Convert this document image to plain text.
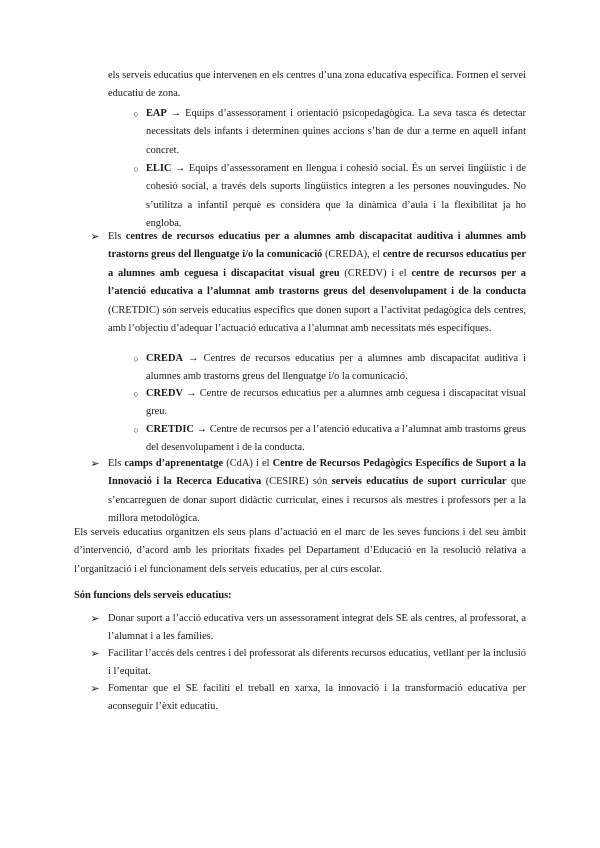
els serveis educatius que intervenen en els centres d’una zona educativa específica. Formen el servei educatiu de zona.
○ EAP → Equips d’assessorament i orientació psicopedagògica. La seva tasca és detectar necessitats dels infants i determinen quines accions s’han de dur a terme en aquell infant concret.
○ ELIC → Equips d’assessorament en llengua i cohesió social. És un servei lingüístic i de cohesió social, a través dels suports lingüístics integren a les persones nouvingudes. No s’utilitza a infantil perquè es considera que la dinàmica d’aula i la flexibilitat ja ho engloba.
➢ Els centres de recursos educatius per a alumnes amb discapacitat auditiva i alumnes amb trastorns greus del llenguatge i/o la comunicació (CREDA), el centre de recursos educatius per a alumnes amb ceguesa i discapacitat visual greu (CREDV) i el centre de recursos per a l’atenció educativa a l’alumnat amb trastorns greus del desenvolupament i de la conducta (CRETDIC) són serveis educatius específics que donen suport a l’activitat pedagògica dels centres, amb l’objectiu d’adequar l’actuació educativa a l’alumnat amb necessitats més específiques.
○ CREDA → Centres de recursos educatius per a alumnes amb discapacitat auditiva i alumnes amb trastorns greus del llenguatge i/o la comunicació.
○ CREDV → Centre de recursos educatius per a alumnes amb ceguesa i discapacitat visual greu.
○ CRETDIC → Centre de recursos per a l’atenció educativa a l’alumnat amb trastorns greus del desenvolupament i de la conducta.
➢ Els camps d’aprenentatge (CdA) i el Centre de Recursos Pedagògics Específics de Suport a la Innovació i la Recerca Educativa (CESIRE) són serveis educatius de suport curricular que s’encarreguen de donar suport didàctic curricular, eines i recursos als mestres i professors per a la millora metodològica.
Els serveis educatius organitzen els seus plans d’actuació en el marc de les seves funcions i del seu àmbit d’intervenció, d’acord amb les prioritats fixades pel Departament d’Educació en la resolució relativa a l’organització i el funcionament dels serveis educatius, per al curs escolar.
Són funcions dels serveis educatius:
➢ Donar suport a l’acció educativa vers un assessorament integrat dels SE als centres, al professorat, a l’alumnat i a les famílies.
➢ Facilitar l’accés dels centres i del professorat als diferents recursos educatius, vetllant per la inclusió i l’equitat.
➢ Fomentar que el SE faciliti el treball en xarxa, la innovació i la transformació educativa per aconseguir l’èxit educatiu.
